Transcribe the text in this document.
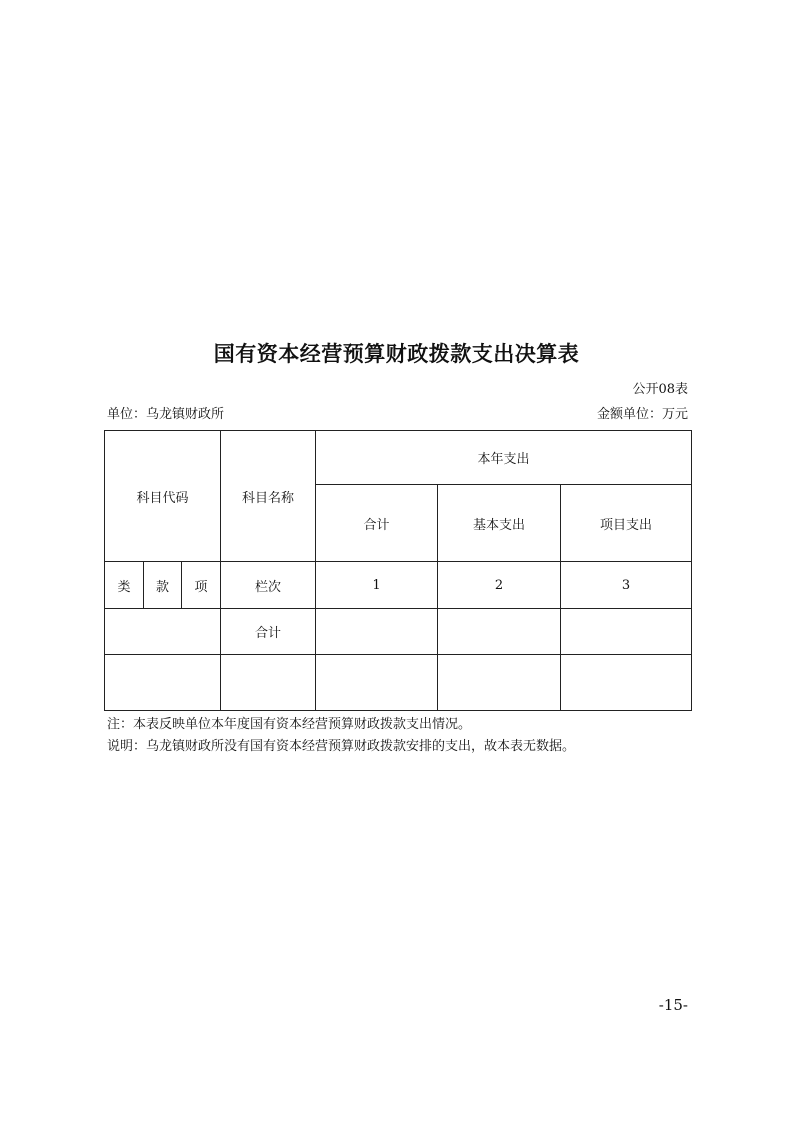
国有资本经营预算财政拨款支出决算表
公开08表
单位：乌龙镇财政所	金额单位：万元
科目代码			科目名称	本年支出		
				合计	基本支出	项目支出
类	款	项	栏次	1	2	3
			合计			

注：本表反映单位本年度国有资本经营预算财政拨款支出情况。
说明：乌龙镇财政所没有国有资本经营预算财政拨款安排的支出，故本表无数据。
-15-
